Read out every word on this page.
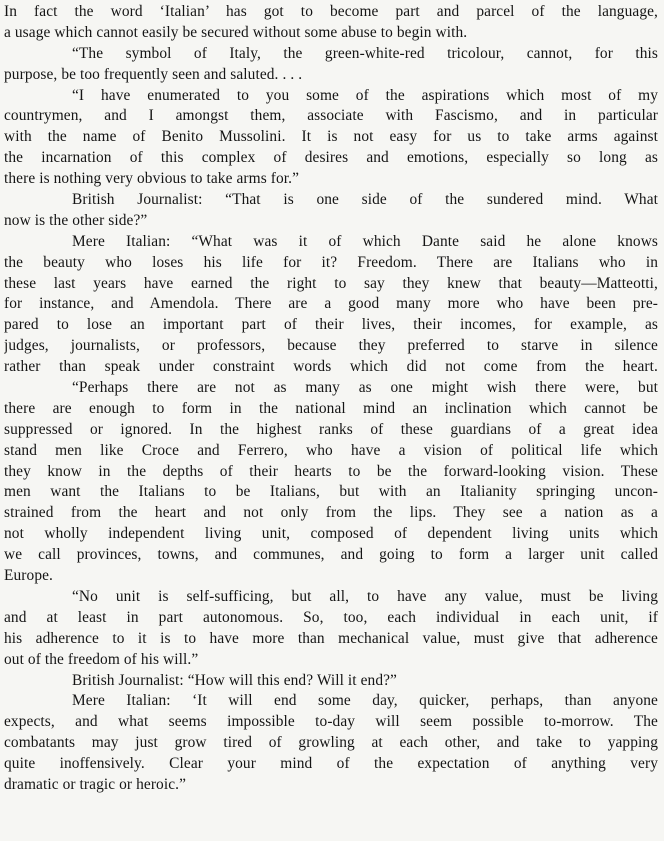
In fact the word ‘Italian’ has got to become part and parcel of the language,
a usage which cannot easily be secured without some abuse to begin with.
“The symbol of Italy, the green-white-red tricolour, cannot, for this
purpose, be too frequently seen and saluted. . . .
“I have enumerated to you some of the aspirations which most of my
countrymen, and I amongst them, associate with Fascismo, and in particular
with the name of Benito Mussolini. It is not easy for us to take arms against
the incarnation of this complex of desires and emotions, especially so long as
there is nothing very obvious to take arms for.”
British Journalist: “That is one side of the sundered mind. What
now is the other side?”
Mere Italian: “What was it of which Dante said he alone knows
the beauty who loses his life for it? Freedom. There are Italians who in
these last years have earned the right to say they knew that beauty—Matteotti,
for instance, and Amendola. There are a good many more who have been pre-
pared to lose an important part of their lives, their incomes, for example, as
judges, journalists, or professors, because they preferred to starve in silence
rather than speak under constraint words which did not come from the heart.
“Perhaps there are not as many as one might wish there were, but
there are enough to form in the national mind an inclination which cannot be
suppressed or ignored. In the highest ranks of these guardians of a great idea
stand men like Croce and Ferrero, who have a vision of political life which
they know in the depths of their hearts to be the forward-looking vision. These
men want the Italians to be Italians, but with an Italianity springing uncon-
strained from the heart and not only from the lips. They see a nation as a
not wholly independent living unit, composed of dependent living units which
we call provinces, towns, and communes, and going to form a larger unit called
Europe.
“No unit is self-sufficing, but all, to have any value, must be living
and at least in part autonomous. So, too, each individual in each unit, if
his adherence to it is to have more than mechanical value, must give that adherence
out of the freedom of his will.”
British Journalist: “How will this end? Will it end?”
Mere Italian: ‘It will end some day, quicker, perhaps, than anyone
expects, and what seems impossible to-day will seem possible to-morrow. The
combatants may just grow tired of growling at each other, and take to yapping
quite inoffensively. Clear your mind of the expectation of anything very
dramatic or tragic or heroic.”
